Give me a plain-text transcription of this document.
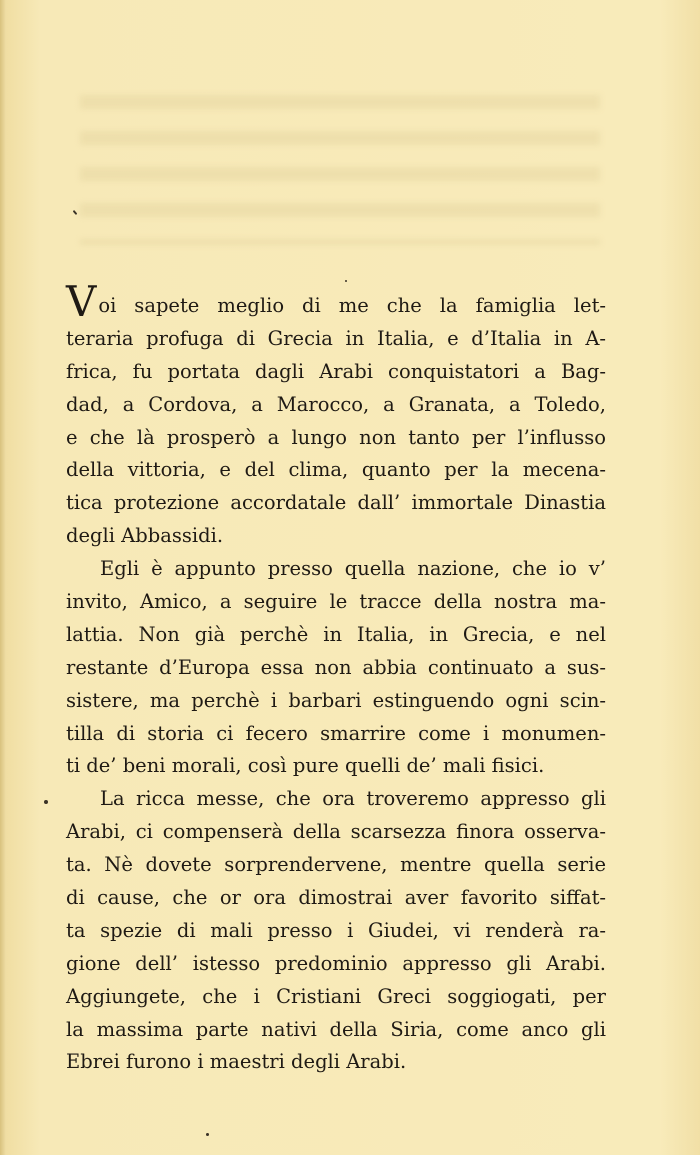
Voi sapete meglio di me che la famiglia let-
teraria profuga di Grecia in Italia, e d’Italia in A-
frica, fu portata dagli Arabi conquistatori a Bag-
dad, a Cordova, a Marocco, a Granata, a Toledo,
e che là prosperò a lungo non tanto per l’influsso
della vittoria, e del clima, quanto per la mecena-
tica protezione accordatale dall’ immortale Dinastia
degli Abbassidi.
Egli è appunto presso quella nazione, che io v’
invito, Amico, a seguire le tracce della nostra ma-
lattia. Non già perchè in Italia, in Grecia, e nel
restante d’Europa essa non abbia continuato a sus-
sistere, ma perchè i barbari estinguendo ogni scin-
tilla di storia ci fecero smarrire come i monumen-
ti de’ beni morali, così pure quelli de’ mali fisici.
La ricca messe, che ora troveremo appresso gli
Arabi, ci compenserà della scarsezza finora osserva-
ta. Nè dovete sorprendervene, mentre quella serie
di cause, che or ora dimostrai aver favorito siffat-
ta spezie di mali presso i Giudei, vi renderà ra-
gione dell’ istesso predominio appresso gli Arabi.
Aggiungete, che i Cristiani Greci soggiogati, per
la massima parte nativi della Siria, come anco gli
Ebrei furono i maestri degli Arabi.
